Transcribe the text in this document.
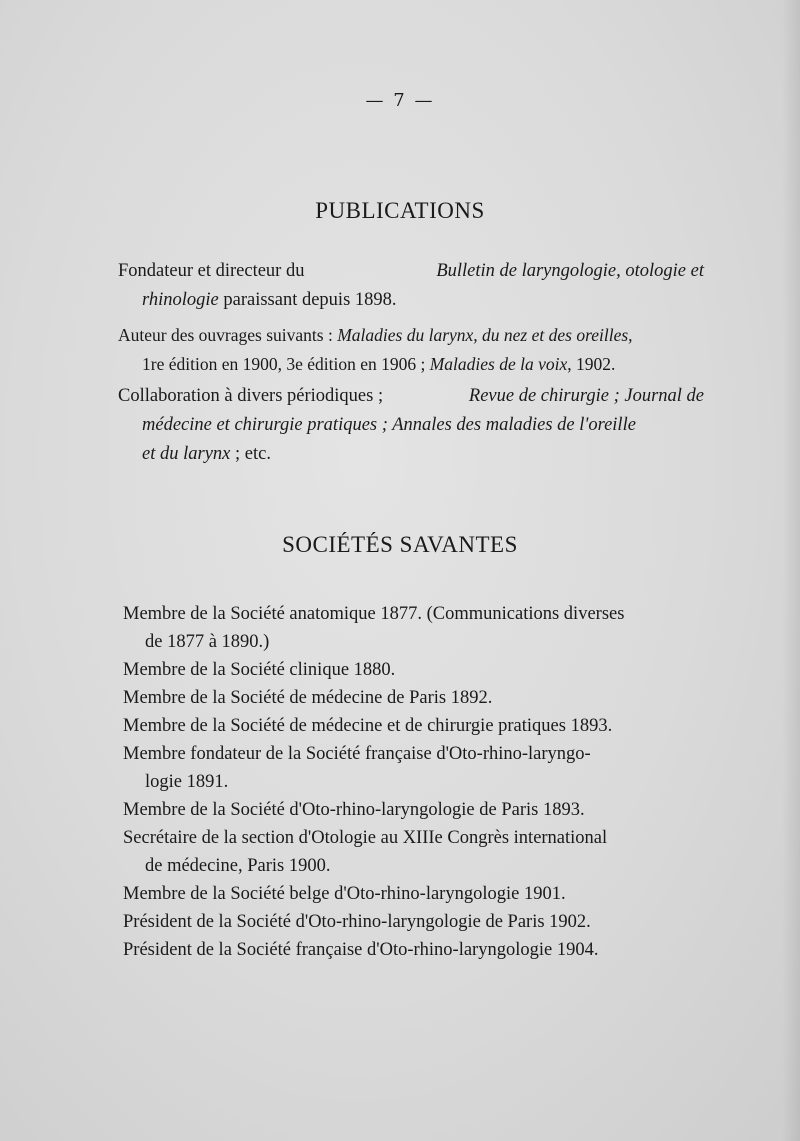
— 7 —
PUBLICATIONS
Fondateur et directeur du	Bulletin de laryngologie, otologie et
rhinologie paraissant depuis 1898.
Auteur des ouvrages suivants : Maladies du larynx, du nez et des oreilles,
1re édition en 1900, 3e édition en 1906 ; Maladies de la voix, 1902.
Collaboration à divers périodiques ;	Revue de chirurgie ; Journal de
médecine et chirurgie pratiques ; Annales des maladies de l'oreille
et du larynx ; etc.
SOCIÉTÉS SAVANTES
Membre de la Société anatomique 1877. (Communications diverses
de 1877 à 1890.)
Membre de la Société clinique 1880.
Membre de la Société de médecine de Paris 1892.
Membre de la Société de médecine et de chirurgie pratiques 1893.
Membre fondateur de la Société française d'Oto-rhino-laryngo-
logie 1891.
Membre de la Société d'Oto-rhino-laryngologie de Paris 1893.
Secrétaire de la section d'Otologie au XIIIe Congrès international
de médecine, Paris 1900.
Membre de la Société belge d'Oto-rhino-laryngologie 1901.
Président de la Société d'Oto-rhino-laryngologie de Paris 1902.
Président de la Société française d'Oto-rhino-laryngologie 1904.
